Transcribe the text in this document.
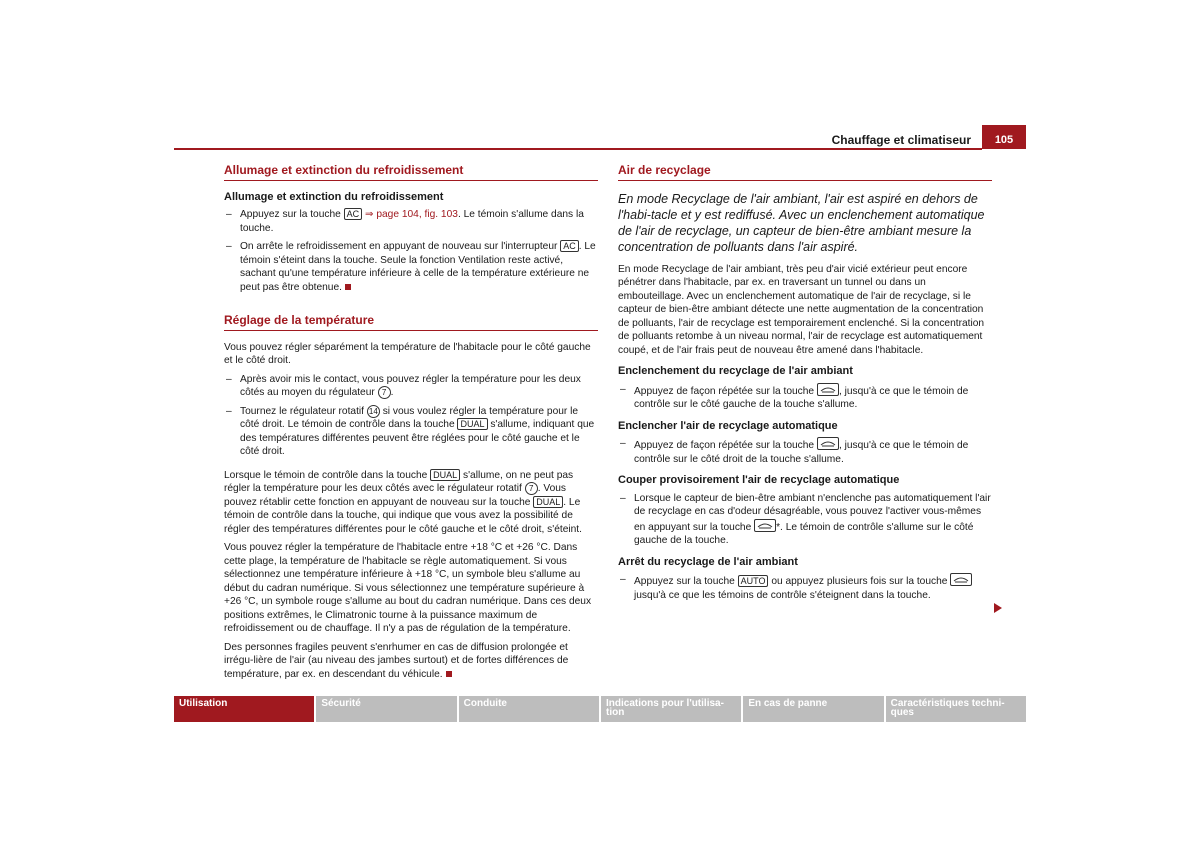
Chauffage et climatiseur	105
Allumage et extinction du refroidissement
Allumage et extinction du refroidissement
– Appuyez sur la touche AC ⇒ page 104, fig. 103. Le témoin s'allume dans la touche.
– On arrête le refroidissement en appuyant de nouveau sur l'interrupteur AC . Le témoin s'éteint dans la touche. Seule la fonction Ventilation reste activé, sachant qu'une température inférieure à celle de la température extérieure ne peut pas être obtenue.
Réglage de la température

Vous pouvez régler séparément la température de l'habitacle pour le côté gauche et le côté droit.

– Après avoir mis le contact, vous pouvez régler la température pour les deux côtés au moyen du régulateur 7 .
– Tournez le régulateur rotatif 14 si vous voulez régler la température pour le côté droit. Le témoin de contrôle dans la touche DUAL s'allume, indiquant que des températures différentes peuvent être réglées pour le côté gauche et le côté droit.

Lorsque le témoin de contrôle dans la touche DUAL s'allume, on ne peut pas régler la température pour les deux côtés avec le régulateur rotatif 7 . Vous pouvez rétablir cette fonction en appuyant de nouveau sur la touche DUAL . Le témoin de contrôle dans la touche, qui indique que vous avez la possibilité de régler des températures différentes pour le côté gauche et le côté droit, s'éteint.

Vous pouvez régler la température de l'habitacle entre +18 °C et +26 °C. Dans cette plage, la température de l'habitacle se règle automatiquement. Si vous sélectionnez une température inférieure à +18 °C, un symbole bleu s'allume au début du cadran numérique. Si vous sélectionnez une température supérieure à +26 °C, un symbole rouge s'allume au bout du cadran numérique. Dans ces deux positions extrêmes, le Climatronic tourne à la puissance maximum de refroidissement ou de chauffage. Il n'y a pas de régulation de la température.

Des personnes fragiles peuvent s'enrhumer en cas de diffusion prolongée et irrégu-lière de l'air (au niveau des jambes surtout) et de fortes différences de température, par ex. en descendant du véhicule.

Air de recyclage

En mode Recyclage de l'air ambiant, l'air est aspiré en dehors de l'habi-tacle et y est rediffusé. Avec un enclenchement automatique de l'air de recyclage, un capteur de bien-être ambiant mesure la concentration de polluants dans l'air aspiré.

En mode Recyclage de l'air ambiant, très peu d'air vicié extérieur peut encore pénétrer dans l'habitacle, par ex. en traversant un tunnel ou dans un embouteillage. Avec un enclenchement automatique de l'air de recyclage, si le capteur de bien-être ambiant détecte une nette augmentation de la concentration de polluants, l'air de recyclage est temporairement enclenché. Si la concentration de polluants retombe à un niveau normal, l'air de recyclage est automatiquement coupé, et de l'air frais peut de nouveau être amené dans l'habitacle.

Enclenchement du recyclage de l'air ambiant
– Appuyez de façon répétée sur la touche
, jusqu'à ce que le témoin de contrôle sur le côté gauche de la touche s'allume.
Enclencher l'air de recyclage automatique
– Appuyez de façon répétée sur la touche
, jusqu'à ce que le témoin de contrôle sur le côté droit de la touche s'allume.
Couper provisoirement l'air de recyclage automatique
– Lorsque le capteur de bien-être ambiant n'enclenche pas automatiquement l'air de recyclage en cas d'odeur désagréable, vous pouvez l'activer vous-mêmes en appuyant sur la touche
*. Le témoin de contrôle s'allume sur le côté gauche de la touche.
Arrêt du recyclage de l'air ambiant
– Appuyez sur la touche AUTO ou appuyez plusieurs fois sur la touche
jusqu'à ce que les témoins de contrôle s'éteignent dans la touche.
Utilisation	Sécurité	Conduite	Indications pour l'utilisa-tion
En cas de panne	Caractéristiques techni-ques
